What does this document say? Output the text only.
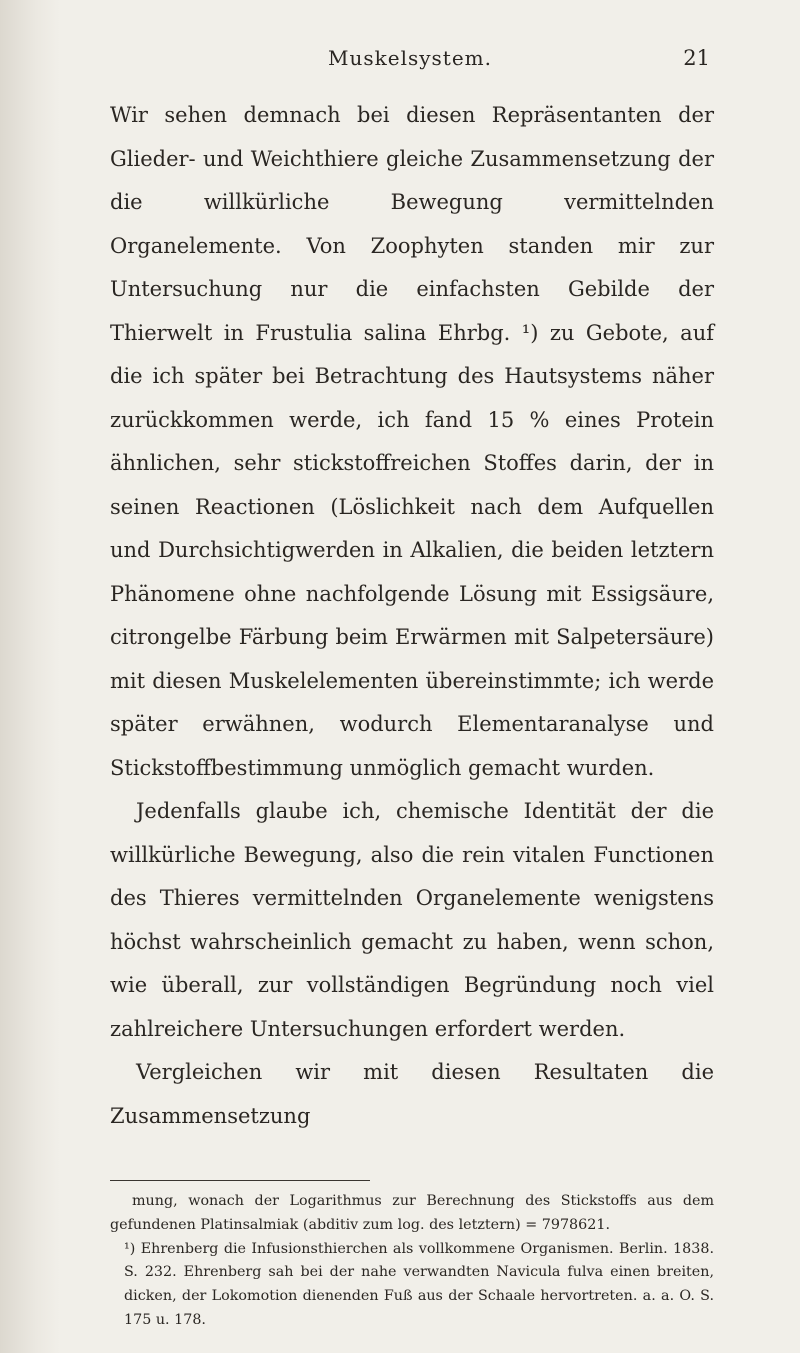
Muskelsystem.	21

Wir sehen demnach bei diesen Repräsentanten der Glieder- und Weichthiere gleiche Zusammensetzung der die willkürliche Bewegung vermittelnden Organelemente. Von Zoophyten standen mir zur Untersuchung nur die einfachsten Gebilde der Thierwelt in Frustulia salina Ehrbg. ¹) zu Gebote, auf die ich später bei Betrachtung des Hautsystems näher zurückkommen werde, ich fand 15 % eines Protein ähnlichen, sehr stickstoffreichen Stoffes darin, der in seinen Reactionen (Löslichkeit nach dem Aufquellen und Durchsichtigwerden in Alkalien, die beiden letztern Phänomene ohne nachfolgende Lösung mit Essigsäure, citrongelbe Färbung beim Erwärmen mit Salpetersäure) mit diesen Muskelelementen übereinstimmte; ich werde später erwähnen, wodurch Elementaranalyse und Stickstoffbestimmung unmöglich gemacht wurden.

Jedenfalls glaube ich, chemische Identität der die willkürliche Bewegung, also die rein vitalen Functionen des Thieres vermittelnden Organelemente wenigstens höchst wahrscheinlich gemacht zu haben, wenn schon, wie überall, zur vollständigen Begründung noch viel zahlreichere Untersuchungen erfordert werden.

Vergleichen wir mit diesen Resultaten die Zusammensetzung

mung, wonach der Logarithmus zur Berechnung des Stickstoffs aus dem gefundenen Platinsalmiak (abditiv zum log. des letztern) = 7978621.

¹) Ehrenberg die Infusionsthierchen als vollkommene Organismen. Berlin. 1838. S. 232. Ehrenberg sah bei der nahe verwandten Navicula fulva einen breiten, dicken, der Lokomotion dienenden Fuß aus der Schaale hervortreten. a. a. O. S. 175 u. 178.
